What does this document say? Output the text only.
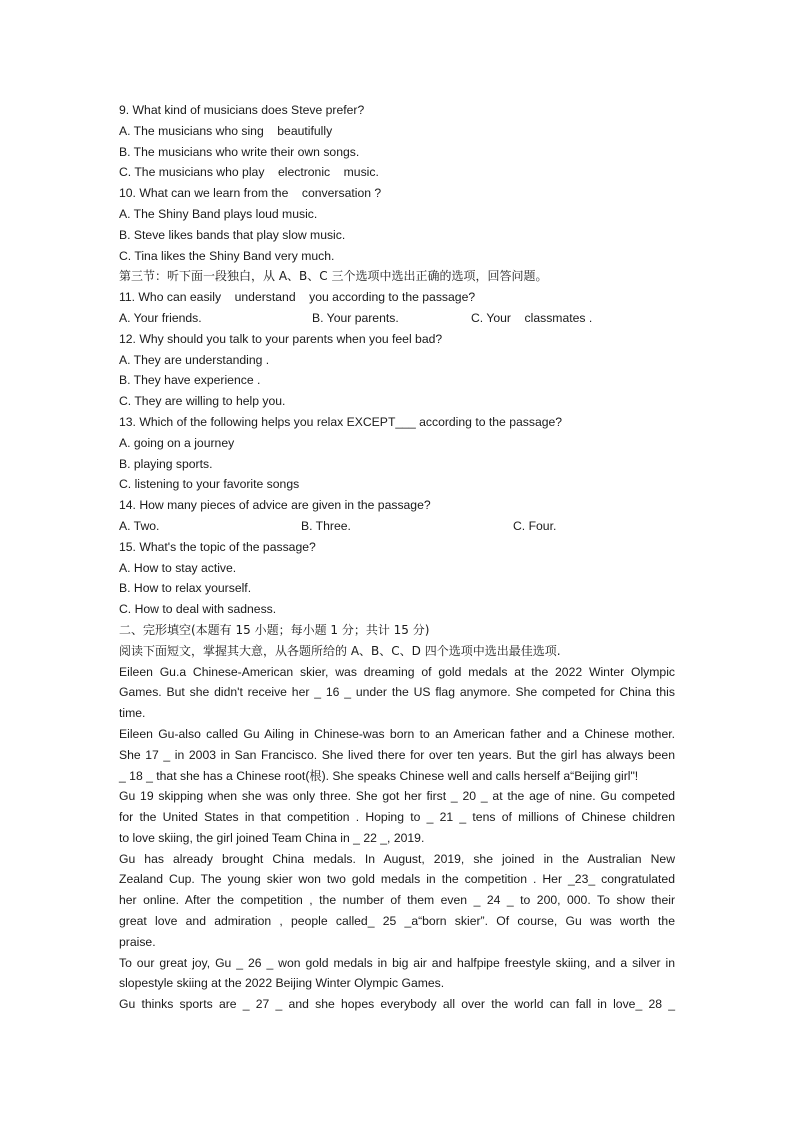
9. What kind of musicians does Steve prefer?
A. The musicians who sing    beautifully
B. The musicians who write their own songs.
C. The musicians who play    electronic    music.
10. What can we learn from the    conversation ?
A. The Shiny Band plays loud music.
B. Steve likes bands that play slow music.
C. Tina likes the Shiny Band very much.
第三节：听下面一段独白，从 A、B、C 三个选项中选出正确的选项，回答问题。
11. Who can easily    understand    you according to the passage?

A. Your friends.

	B. Your parents.

	C. Your    classmates .

12. Why should you talk to your parents when you feel bad?
A. They are understanding .
B. They have experience .
C. They are willing to help you.
13. Which of the following helps you relax EXCEPT___ according to the passage?
A. going on a journey
B. playing sports.
C. listening to your favorite songs
14. How many pieces of advice are given in the passage?

A. Two.

	B. Three.

	C. Four.

15. What's the topic of the passage?
A. How to stay active.
B. How to relax yourself.
C. How to deal with sadness.
二、完形填空(本题有 15 小题；每小题 1 分；共计 15 分)
阅读下面短文，掌握其大意，从各题所给的 A、B、C、D 四个选项中选出最佳选项.
Eileen Gu.a Chinese-American skier, was dreaming of gold medals at the 2022 Winter Olympic
Games. But she didn't receive her _ 16 _ under the US flag anymore. She competed for China this
time.
Eileen Gu-also called Gu Ailing in Chinese-was born to an American father and a Chinese mother.
She 17 _ in 2003 in San Francisco. She lived there for over ten years. But the girl has always been
_ 18 _ that she has a Chinese root(根). She speaks Chinese well and calls herself a“Beijing girl"!
Gu 19 skipping when she was only three. She got her first _ 20 _ at the age of nine. Gu competed
for the United States in that competition . Hoping to _ 21 _ tens of millions of Chinese children
to love skiing, the girl joined Team China in _ 22 _, 2019.
Gu has already brought China medals. In August, 2019, she joined in the Australian New
Zealand Cup. The young skier won two gold medals in the competition . Her _23_ congratulated
her online. After the competition , the number of them even _ 24 _ to 200, 000. To show their
great love and admiration , people called_ 25 _a“born skier”. Of course, Gu was worth the
praise.
To our great joy, Gu _ 26 _ won gold medals in big air and halfpipe freestyle skiing, and a silver in
slopestyle skiing at the 2022 Beijing Winter Olympic Games.
Gu thinks sports are _ 27 _ and she hopes everybody all over the world can fall in love_ 28 _
